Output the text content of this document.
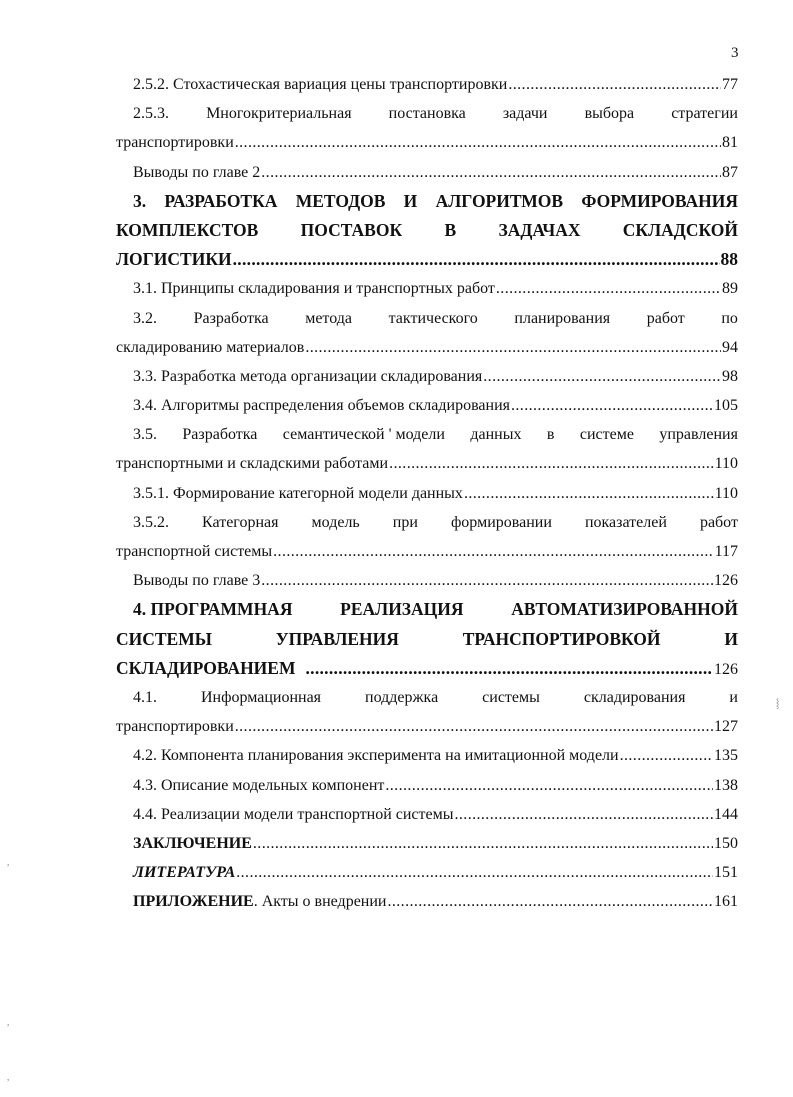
3
2.5.2. Стохастическая вариация цены транспортировки .....	77
2.5.3. Многокритериальная постановка задачи выбора стратегии
транспортировки .....	81
Выводы по главе 2 .....	87
3. РАЗРАБОТКА МЕТОДОВ И АЛГОРИТМОВ ФОРМИРОВАНИЯ
КОМПЛЕКСТОВ ПОСТАВОК В ЗАДАЧАХ СКЛАДСКОЙ
ЛОГИСТИКИ .....	88
3.1. Принципы складирования и транспортных работ .....	89
3.2. Разработка метода тактического планирования работ по
складированию материалов .....	94
3.3. Разработка метода организации складирования .....	98
3.4. Алгоритмы распределения объемов складирования .....	105
3.5. Разработка семантической ' модели данных в системе управления
транспортными и складскими работами .....	110
3.5.1. Формирование категорной модели данных .....	110
3.5.2. Категорная модель при формировании показателей работ
транспортной системы .....	117
Выводы по главе 3 .....	126
4. ПРОГРАММНАЯ	РЕАЛИЗАЦИЯ	АВТОМАТИЗИРОВАННОЙ
СИСТЕМЫ	УПРАВЛЕНИЯ	ТРАНСПОРТИРОВКОЙ	И
СКЛАДИРОВАНИЕМ .....	126
4.1.	Информационная	поддержка	системы	складирования	и
транспортировки .....	127
4.2. Компонента планирования эксперимента на имитационной модели .....	135
4.3. Описание модельных компонент .....	138
4.4. Реализации модели транспортной системы .....	144
ЗАКЛЮЧЕНИЕ .....	150
ЛИТЕРАТУРА .....	151
ПРИЛОЖЕНИЕ. Акты о внедрении .....	161
⸾
,
,
,
